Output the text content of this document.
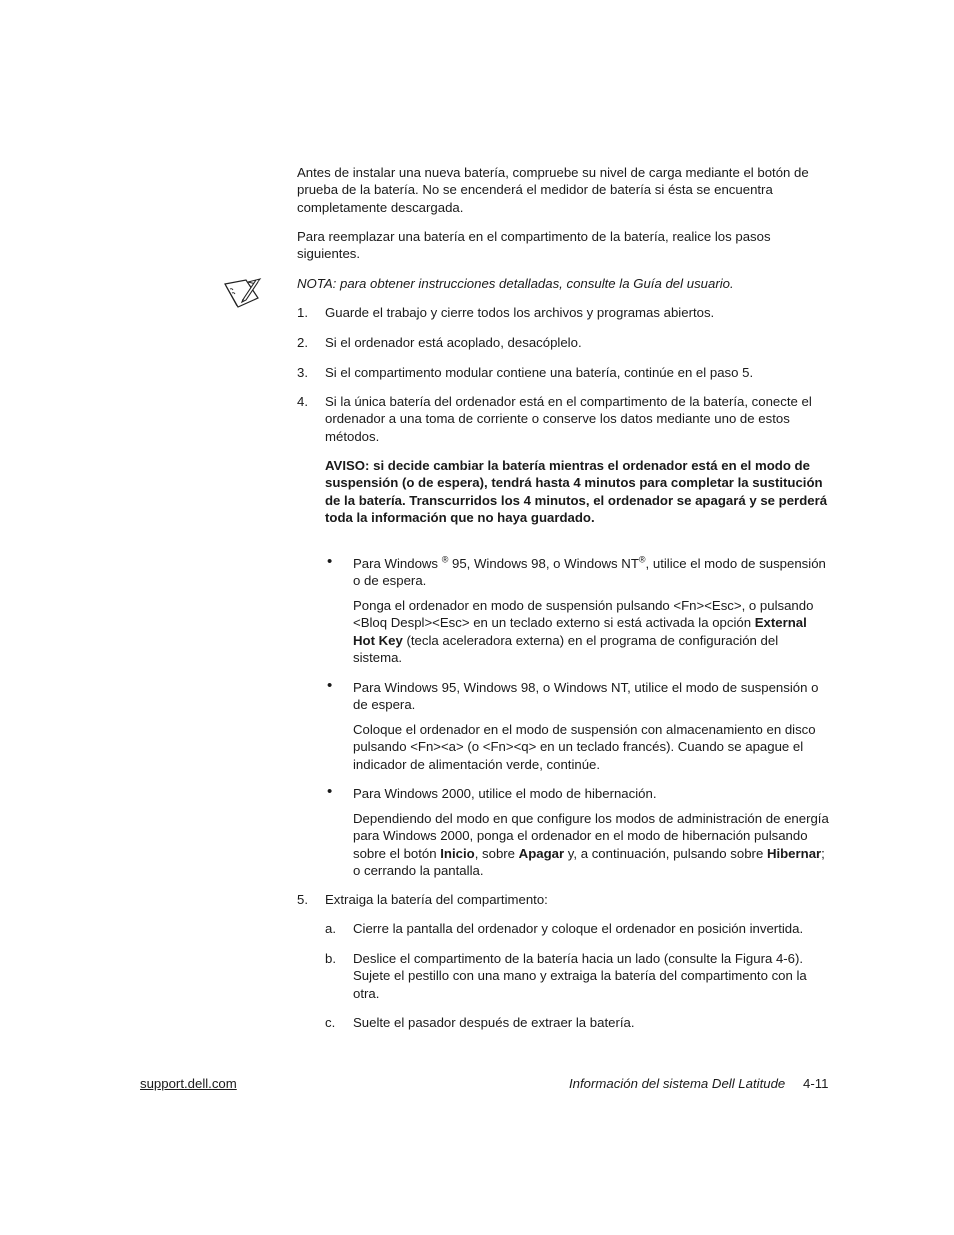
Antes de instalar una nueva batería, compruebe su nivel de carga mediante el botón de prueba de la batería. No se encenderá el medidor de batería si ésta se encuentra completamente descargada.

Para reemplazar una batería en el compartimento de la batería, realice los pasos siguientes.

NOTA: para obtener instrucciones detalladas, consulte la Guía del usuario.

1. Guarde el trabajo y cierre todos los archivos y programas abiertos.
2. Si el ordenador está acoplado, desacóplelo.
3. Si el compartimento modular contiene una batería, continúe en el paso 5.
4. Si la única batería del ordenador está en el compartimento de la batería, conecte el ordenador a una toma de corriente o conserve los datos mediante uno de estos métodos.

AVISO: si decide cambiar la batería mientras el ordenador está en el modo de suspensión (o de espera), tendrá hasta 4 minutos para completar la sustitución de la batería. Transcurridos los 4 minutos, el ordenador se apagará y se perderá toda la información que no haya guardado.

• Para Windows ® 95, Windows 98, o Windows NT®, utilice el modo de suspensión o de espera.

Ponga el ordenador en modo de suspensión pulsando <Fn><Esc>, o pulsando <Bloq Despl><Esc> en un teclado externo si está activada la opción External Hot Key (tecla aceleradora externa) en el programa de configuración del sistema.

• Para Windows 95, Windows 98, o Windows NT, utilice el modo de suspensión o de espera.

Coloque el ordenador en el modo de suspensión con almacenamiento en disco pulsando <Fn><a> (o <Fn><q> en un teclado francés). Cuando se apague el indicador de alimentación verde, continúe.

• Para Windows 2000, utilice el modo de hibernación.

Dependiendo del modo en que configure los modos de administración de energía para Windows 2000, ponga el ordenador en el modo de hibernación pulsando sobre el botón Inicio, sobre Apagar y, a continuación, pulsando sobre Hibernar; o cerrando la pantalla.

5. Extraiga la batería del compartimento:
a. Cierre la pantalla del ordenador y coloque el ordenador en posición invertida.
b. Deslice el compartimento de la batería hacia un lado (consulte la Figura 4-6). Sujete el pestillo con una mano y extraiga la batería del compartimento con la otra.
c. Suelte el pasador después de extraer la batería.
support.dell.com	Información del sistema Dell Latitude 4-11
